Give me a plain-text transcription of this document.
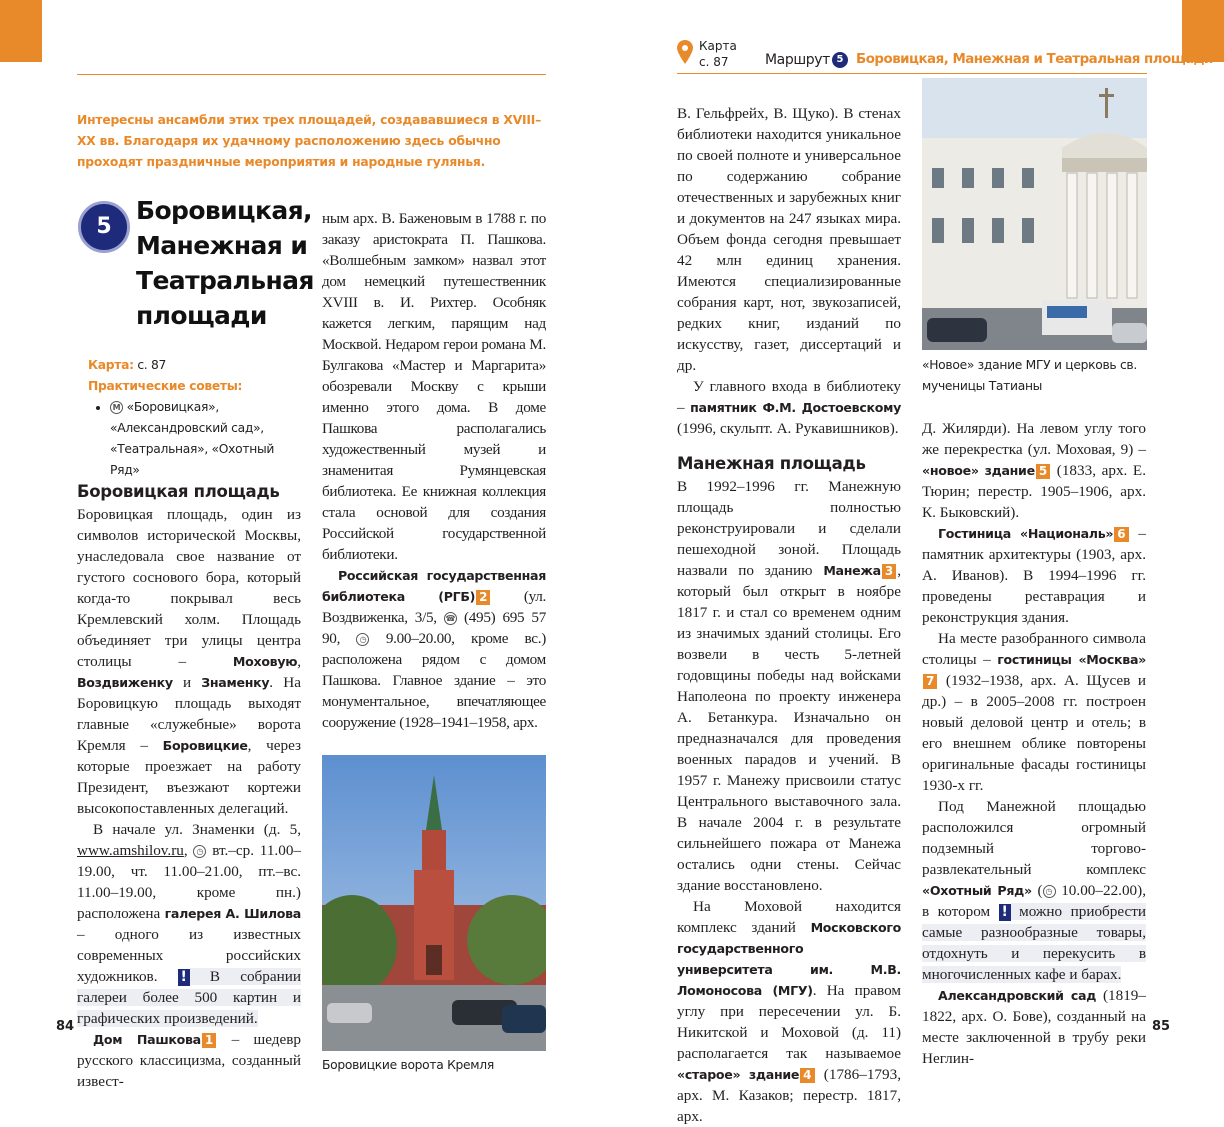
Интересны ансамбли этих трех площадей, создававшиеся в XVIII–XX вв. Благодаря их удачному расположению здесь обычно проходят праздничные мероприятия и народные гулянья.
5
Боровицкая, Манежная и Театральная площади
Карта: с. 87
Практические советы:
• M «Боровицкая», «Александровский сад», «Театральная», «Охотный Ряд»
Боровицкая площадь

Боровицкая площадь, один из символов исторической Москвы, унаследовала свое название от густого соснового бора, который когда-то покрывал весь Кремлевский холм. Площадь объединяет три улицы центра столицы – Моховую, Воздвиженку и Знаменку. На Боровицкую площадь выходят главные «служебные» ворота Кремля – Боровицкие, через которые проезжает на работу Президент, въезжают кортежи высокопоставленных делегаций.

В начале ул. Знаменки (д. 5, www.amshilov.ru, ◷ вт.–ср. 11.00–19.00, чт. 11.00–21.00, пт.–вс. 11.00–19.00, кроме пн.) расположена галерея А. Шилова – одного из известных современных российских художников. ! В собрании галереи более 500 картин и графических произведений.

Дом Пашкова 1 – шедевр русского классицизма, созданный извест-

ным арх. В. Баженовым в 1788 г. по заказу аристократа П. Пашкова. «Волшебным замком» назвал этот дом немецкий путешественник XVIII в. И. Рихтер. Особняк кажется легким, парящим над Москвой. Недаром герои романа М. Булгакова «Мастер и Маргарита» обозревали Москву с крыши именно этого дома. В доме Пашкова располагались художественный музей и знаменитая Румянцевская библиотека. Ее книжная коллекция стала основой для создания Российской государственной библиотеки.

Российская государственная библиотека (РГБ) 2 (ул. Воздвиженка, 3/5, ☎ (495) 695 57 90, ◷ 9.00–20.00, кроме вс.) расположена рядом с домом Пашкова. Главное здание – это монументальное, впечатляющее сооружение (1928–1941–1958, арх.

Боровицкие ворота Кремля
84
Карта
с. 87	Маршрут 5 Боровицкая, Манежная и Театральная площади

В. Гельфрейх, В. Щуко). В стенах библиотеки находится уникальное по своей полноте и универсальное по содержанию собрание отечественных и зарубежных книг и документов на 247 языках мира. Объем фонда сегодня превышает 42 млн единиц хранения. Имеются специализированные собрания карт, нот, звукозаписей, редких книг, изданий по искусству, газет, диссертаций и др.

У главного входа в библиотеку – памятник Ф.М. Достоевскому (1996, скульпт. А. Рукавишников).

Манежная площадь

В 1992–1996 гг. Манежную площадь полностью реконструировали и сделали пешеходной зоной. Площадь назвали по зданию Манежа 3 , который был открыт в ноябре 1817 г. и стал со временем одним из значимых зданий столицы. Его возвели в честь 5-летней годовщины победы над войсками Наполеона по проекту инженера А. Бетанкура. Изначально он предназначался для проведения военных парадов и учений. В 1957 г. Манежу присвоили статус Центрального выставочного зала. В начале 2004 г. в результате сильнейшего пожара от Манежа остались одни стены. Сейчас здание восстановлено.

На Моховой находится комплекс зданий Московского государственного университета им. М.В. Ломоносова (МГУ). На правом углу при пересечении ул. Б. Никитской и Моховой (д. 11) располагается так называемое «старое» здание 4 (1786–1793, арх. М. Казаков; перестр. 1817, арх.

«Новое» здание МГУ и церковь св. мученицы Татианы

Д. Жилярди). На левом углу того же перекрестка (ул. Моховая, 9) – «новое» здание 5 (1833, арх. Е. Тюрин; перестр. 1905–1906, арх. К. Быковский).

Гостиница «Националь» 6 – памятник архитектуры (1903, арх. А. Иванов). В 1994–1996 гг. проведены реставрация и реконструкция здания.

На месте разобранного символа столицы – гостиницы «Москва»7 (1932–1938, арх. А. Щусев и др.) – в 2005–2008 гг. построен новый деловой центр и отель; в его внешнем облике повторены оригинальные фасады гостиницы 1930-х гг.

Под Манежной площадью расположился огромный подземный торгово-развлекательный комплекс «Охотный Ряд» ( ◷ 10.00–22.00), в котором ! можно приобрести самые разнообразные товары, отдохнуть и перекусить в многочисленных кафе и барах.

Александровский сад (1819–1822, арх. О. Бове), созданный на месте заключенной в трубу реки Неглин-

85
